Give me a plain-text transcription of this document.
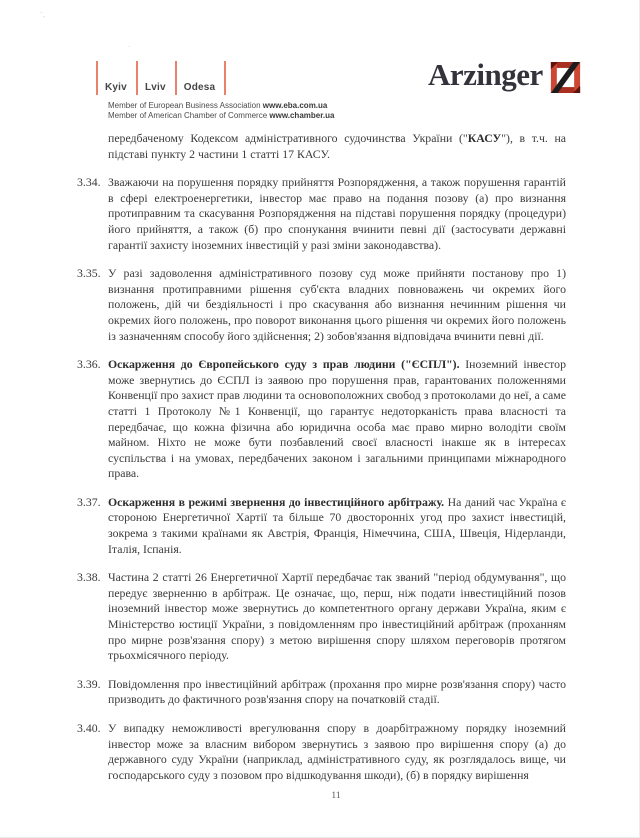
`,
·
Kyiv	Lviv	Odesa
Member of European Business Association www.eba.com.ua
Member of American Chamber of Commerce www.chamber.ua
Arzinger
передбаченому Кодексом адміністративного судочинства України ("КАСУ"), в т.ч. на підставі пункту 2 частини 1 статті 17 КАСУ.
3.34. Зважаючи на порушення порядку прийняття Розпорядження, а також порушення гарантій в сфері електроенергетики, інвестор має право на подання позову (а) про визнання протиправним та скасування Розпорядження на підставі порушення порядку (процедури) його прийняття, а також (б) про спонукання вчинити певні дії (застосувати державні гарантії захисту іноземних інвестицій у разі зміни законодавства).
3.35. У разі задоволення адміністративного позову суд може прийняти постанову про 1) визнання протиправними рішення суб'єкта владних повноважень чи окремих його положень, дій чи бездіяльності і про скасування або визнання нечинним рішення чи окремих його положень, про поворот виконання цього рішення чи окремих його положень із зазначенням способу його здійснення; 2) зобов'язання відповідача вчинити певні дії.
3.36. Оскарження до Європейського суду з прав людини ("ЄСПЛ"). Іноземний інвестор може звернутись до ЄСПЛ із заявою про порушення прав, гарантованих положеннями Конвенції про захист прав людини та основоположних свобод з протоколами до неї, а саме статті 1 Протоколу №1 Конвенції, що гарантує недоторканість права власності та передбачає, що кожна фізична або юридична особа має право мирно володіти своїм майном. Ніхто не може бути позбавлений своєї власності інакше як в інтересах суспільства і на умовах, передбачених законом і загальними принципами міжнародного права.
3.37. Оскарження в режимі звернення до інвестиційного арбітражу. На даний час Україна є стороною Енергетичної Хартії та більше 70 двосторонніх угод про захист інвестицій, зокрема з такими країнами як Австрія, Франція, Німеччина, США, Швеція, Нідерланди, Італія, Іспанія.
3.38. Частина 2 статті 26 Енергетичної Хартії передбачає так званий "період обдумування", що передує зверненню в арбітраж. Це означає, що, перш, ніж подати інвестиційний позов іноземний інвестор може звернутись до компетентного органу держави Україна, яким є Міністерство юстиції України, з повідомленням про інвестиційний арбітраж (проханням про мирне розв'язання спору) з метою вирішення спору шляхом переговорів протягом трьохмісячного періоду.
3.39. Повідомлення про інвестиційний арбітраж (прохання про мирне розв'язання спору) часто призводить до фактичного розв'язання спору на початковій стадії.
3.40. У випадку неможливості врегулювання спору в доарбітражному порядку іноземний інвестор може за власним вибором звернутись з заявою про вирішення спору (а) до державного суду України (наприклад, адміністративного суду, як розглядалось вище, чи господарського суду з позовом про відшкодування шкоди), (б) в порядку вирішення
11
